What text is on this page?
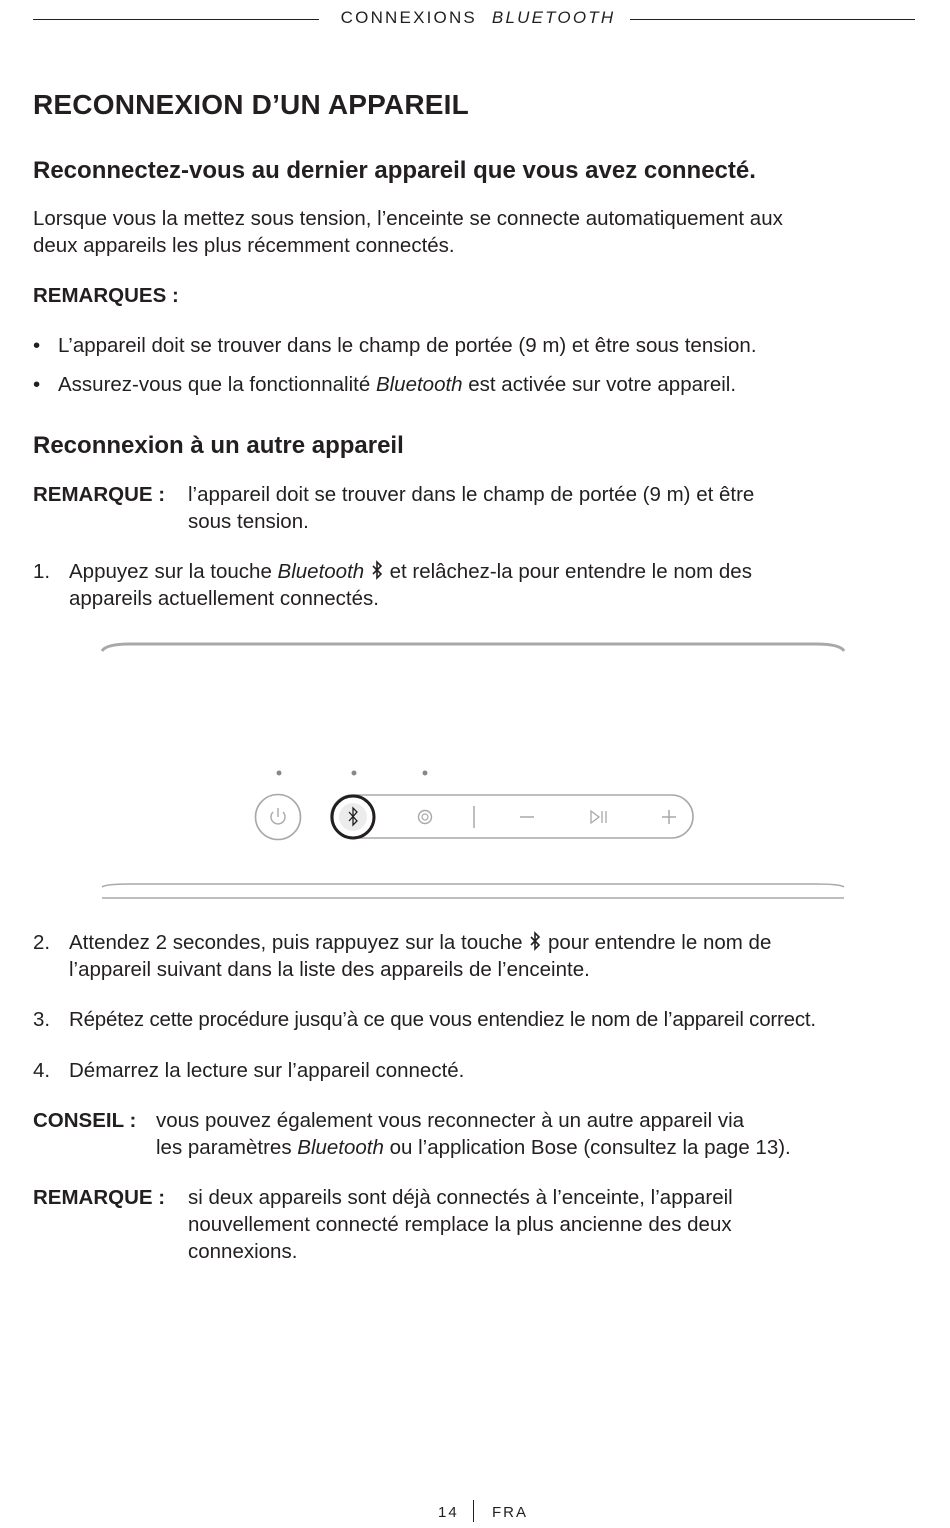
CONNEXIONS BLUETOOTH
RECONNEXION D’UN APPAREIL
Reconnectez-vous au dernier appareil que vous avez connecté.
Lorsque vous la mettez sous tension, l’enceinte se connecte automatiquement aux
deux appareils les plus récemment connectés.
REMARQUES :
• L’appareil doit se trouver dans le champ de portée (9 m) et être sous tension.
• Assurez-vous que la fonctionnalité Bluetooth est activée sur votre appareil.
Reconnexion à un autre appareil
REMARQUE : l’appareil doit se trouver dans le champ de portée (9 m) et être
sous tension.
1. Appuyez sur la touche Bluetooth  et relâchez-la pour entendre le nom des
appareils actuellement connectés.
2. Attendez 2 secondes, puis rappuyez sur la touche  pour entendre le nom de
l’appareil suivant dans la liste des appareils de l’enceinte.
3. Répétez cette procédure jusqu’à ce que vous entendiez le nom de l’appareil correct.
4. Démarrez la lecture sur l’appareil connecté.
CONSEIL : vous pouvez également vous reconnecter à un autre appareil via
les paramètres Bluetooth ou l’application Bose (consultez la page 13).
REMARQUE : si deux appareils sont déjà connectés à l’enceinte, l’appareil
nouvellement connecté remplace la plus ancienne des deux
connexions.
14 FRA
